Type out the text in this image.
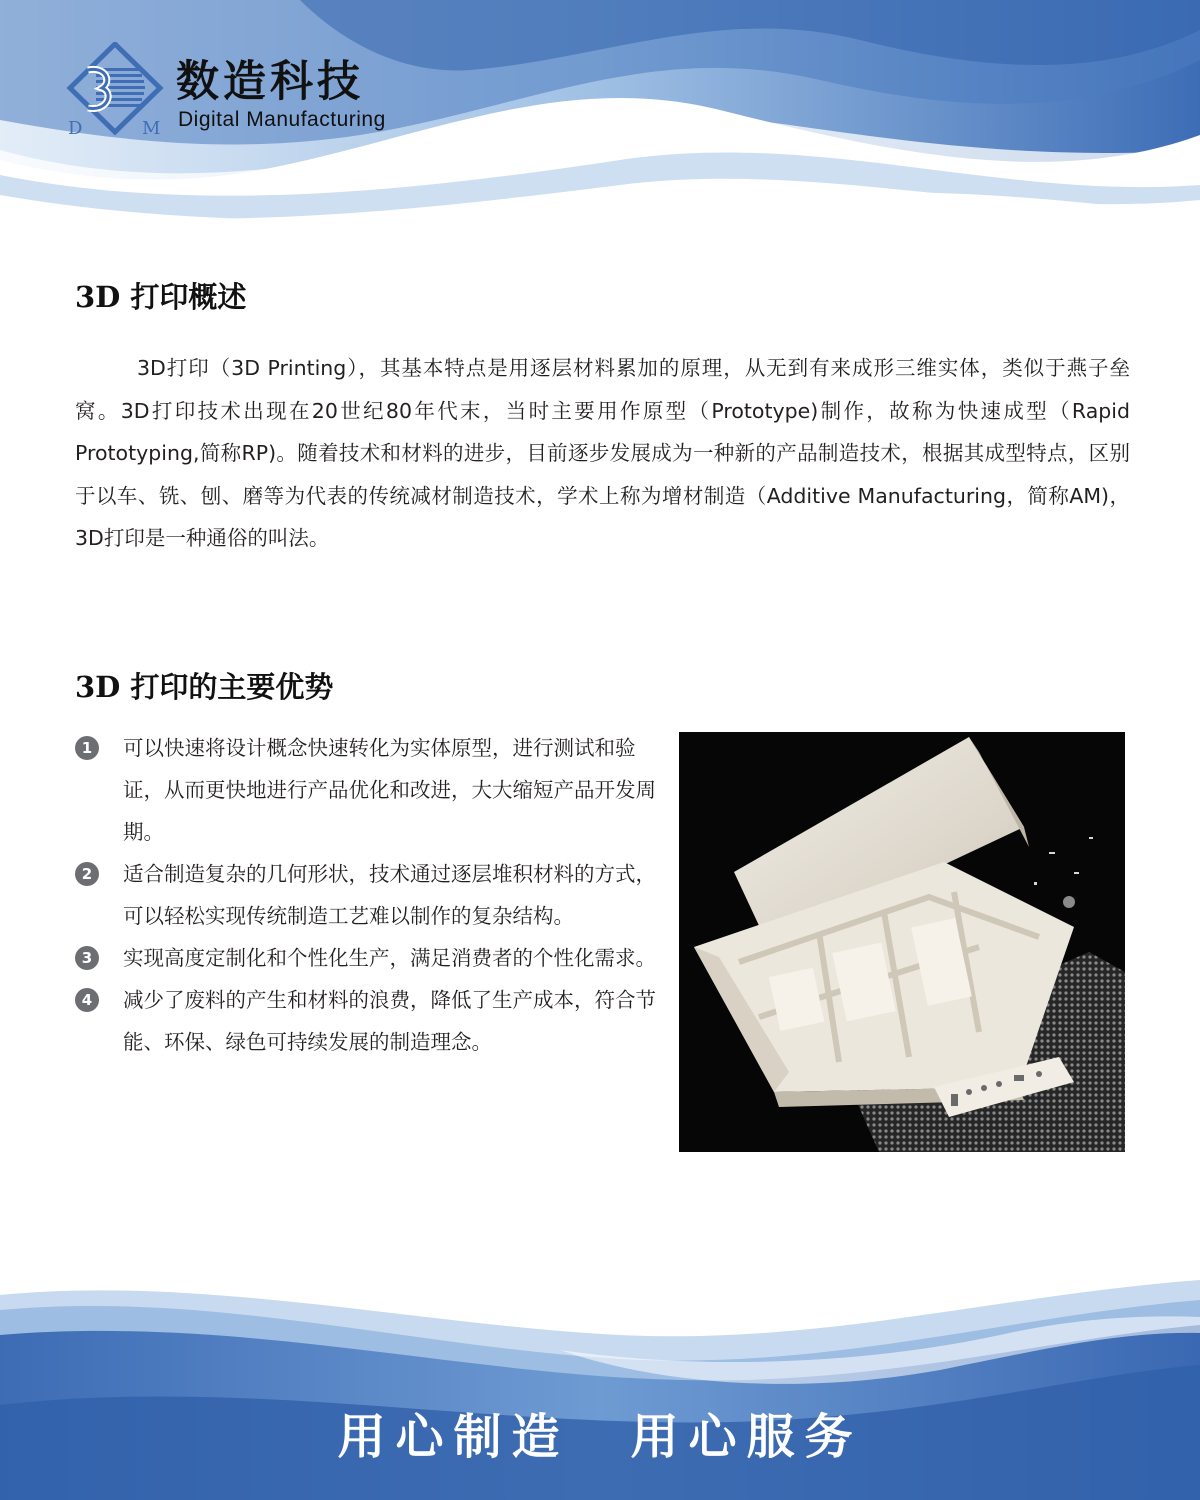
D	M
数造科技
Digital Manufacturing
3D 打印概述

3D打印（3D Printing），其基本特点是用逐层材料累加的原理，从无到有来成形三维实体，类似于燕子垒窝。3D打印技术出现在20世纪80年代末，当时主要用作原型（Prototype)制作，故称为快速成型（Rapid Prototyping,简称RP)。随着技术和材料的进步，目前逐步发展成为一种新的产品制造技术，根据其成型特点，区别于以车、铣、刨、磨等为代表的传统减材制造技术，学术上称为增材制造（Additive Manufacturing，简称AM)，3D打印是一种通俗的叫法。

3D 打印的主要优势
1	可以快速将设计概念快速转化为实体原型，进行测试和验证，从而更快地进行产品优化和改进，大大缩短产品开发周期。
2	适合制造复杂的几何形状，技术通过逐层堆积材料的方式，可以轻松实现传统制造工艺难以制作的复杂结构。
3	实现高度定制化和个性化生产，满足消费者的个性化需求。
4	减少了废料的产生和材料的浪费，降低了生产成本，符合节能、环保、绿色可持续发展的制造理念。
用心制造 用心服务
